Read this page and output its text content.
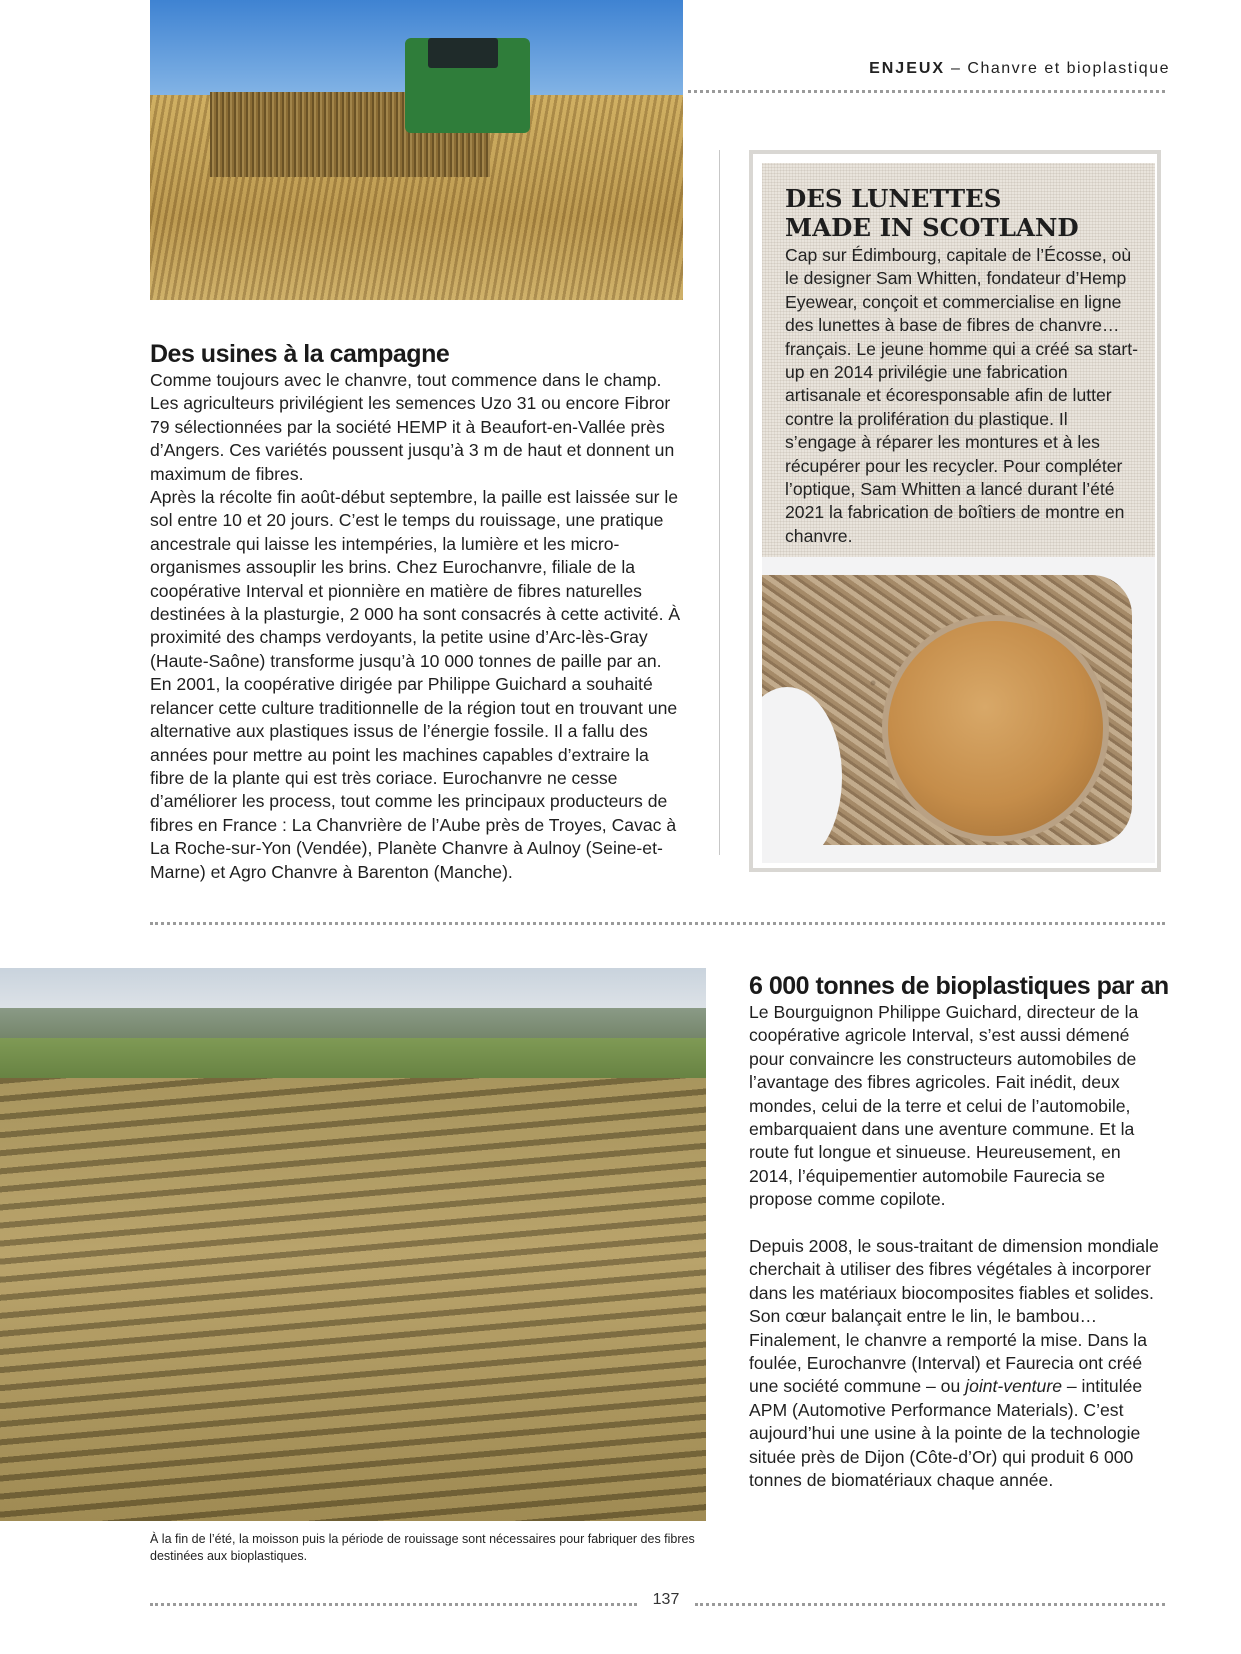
ENJEUX – Chanvre et bioplastique
Des usines à la campagne

Comme toujours avec le chanvre, tout commence dans le champ. Les agriculteurs privilégient les semences Uzo 31 ou encore Fibror 79 sélectionnées par la société HEMP it à Beaufort-en-Vallée près d’Angers. Ces variétés poussent jusqu’à 3 m de haut et donnent un maximum de fibres.

Après la récolte fin août-début septembre, la paille est laissée sur le sol entre 10 et 20 jours. C’est le temps du rouissage, une pratique ancestrale qui laisse les intempéries, la lumière et les micro-organismes assouplir les brins. Chez Eurochanvre, filiale de la coopérative Interval et pionnière en matière de fibres naturelles destinées à la plasturgie, 2 000 ha sont consacrés à cette activité. À proximité des champs verdoyants, la petite usine d’Arc-lès-Gray (Haute-Saône) transforme jusqu’à 10 000 tonnes de paille par an. En 2001, la coopérative dirigée par Philippe Guichard a souhaité relancer cette culture traditionnelle de la région tout en trouvant une alternative aux plastiques issus de l’énergie fossile. Il a fallu des années pour mettre au point les machines capables d’extraire la fibre de la plante qui est très coriace. Eurochanvre ne cesse d’améliorer les process, tout comme les principaux producteurs de fibres en France : La Chanvrière de l’Aube près de Troyes, Cavac à La Roche-sur-Yon (Vendée), Planète Chanvre à Aulnoy (Seine-et-Marne) et Agro Chanvre à Barenton (Manche).

DES LUNETTES
MADE IN SCOTLAND
Cap sur Édimbourg, capitale de l’Écosse, où le designer Sam Whitten, fondateur d’Hemp Eyewear, conçoit et commercialise en ligne des lunettes à base de fibres de chanvre… français. Le jeune homme qui a créé sa start-up en 2014 privilégie une fabrication artisanale et écoresponsable afin de lutter contre la prolifération du plastique. Il s’engage à réparer les montures et à les récupérer pour les recycler. Pour compléter l’optique, Sam Whitten a lancé durant l’été 2021 la fabrication de boîtiers de montre en chanvre.
À la fin de l’été, la moisson puis la période de rouissage sont nécessaires pour fabriquer des fibres destinées aux bioplastiques.
6 000 tonnes de bioplastiques par an

Le Bourguignon Philippe Guichard, directeur de la coopérative agricole Interval, s’est aussi démené pour convaincre les constructeurs automobiles de l’avantage des fibres agricoles. Fait inédit, deux mondes, celui de la terre et celui de l’automobile, embarquaient dans une aventure commune. Et la route fut longue et sinueuse. Heureusement, en 2014, l’équipementier automobile Faurecia se propose comme copilote.

Depuis 2008, le sous-traitant de dimension mondiale cherchait à utiliser des fibres végétales à incorporer dans les matériaux biocomposites fiables et solides. Son cœur balançait entre le lin, le bambou… Finalement, le chanvre a remporté la mise. Dans la foulée, Eurochanvre (Interval) et Faurecia ont créé une société commune – ou joint-venture – intitulée APM (Automotive Performance Materials). C’est aujourd’hui une usine à la pointe de la technologie située près de Dijon (Côte-d’Or) qui produit 6 000 tonnes de biomatériaux chaque année.

137
